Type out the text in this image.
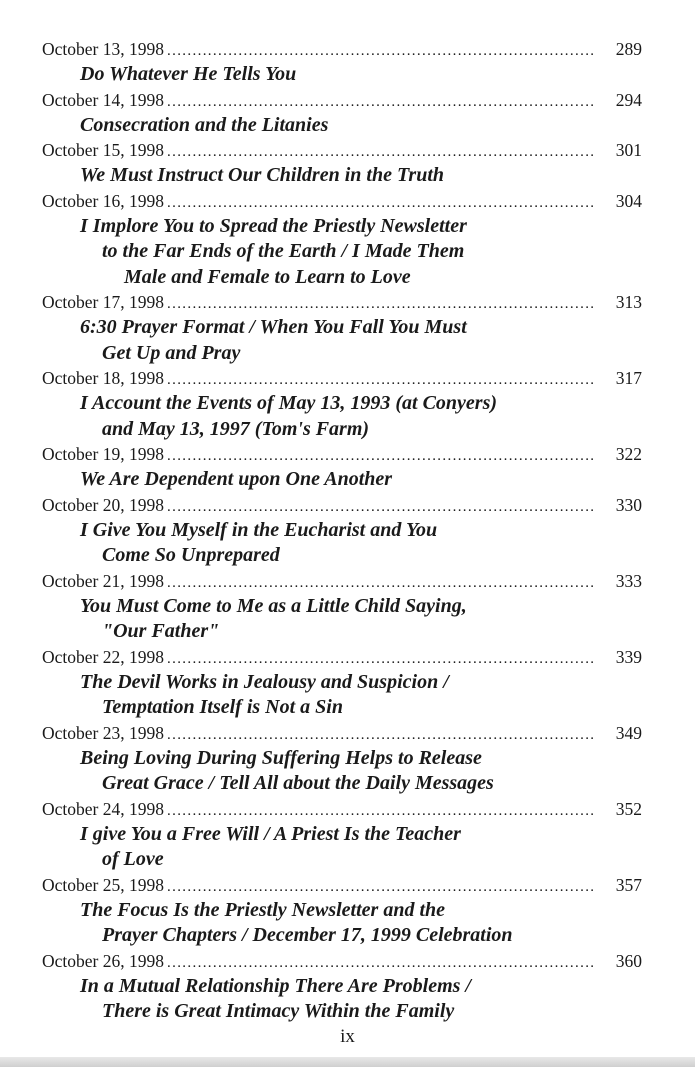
October 13, 1998 . . .	289
Do Whatever He Tells You
October 14, 1998 . . .	294
Consecration and the Litanies
October 15, 1998 . . .	301
We Must Instruct Our Children in the Truth
October 16, 1998 . . .	304
I Implore You to Spread the Priestly Newsletter
to the Far Ends of the Earth / I Made Them
Male and Female to Learn to Love
October 17, 1998 . . .	313
6:30 Prayer Format / When You Fall You Must
Get Up and Pray
October 18, 1998 . . .	317
I Account the Events of May 13, 1993 (at Conyers)
and May 13, 1997 (Tom's Farm)
October 19, 1998 . . .	322
We Are Dependent upon One Another
October 20, 1998 . . .	330
I Give You Myself in the Eucharist and You
Come So Unprepared
October 21, 1998 . . .	333
You Must Come to Me as a Little Child Saying,
"Our Father"
October 22, 1998 . . .	339
The Devil Works in Jealousy and Suspicion /
Temptation Itself is Not a Sin
October 23, 1998 . . .	349
Being Loving During Suffering Helps to Release
Great Grace / Tell All about the Daily Messages
October 24, 1998 . . .	352
I give You a Free Will / A Priest Is the Teacher
of Love
October 25, 1998 . . .	357
The Focus Is the Priestly Newsletter and the
Prayer Chapters / December 17, 1999 Celebration
October 26, 1998 . . .	360
In a Mutual Relationship There Are Problems /
There is Great Intimacy Within the Family
ix
